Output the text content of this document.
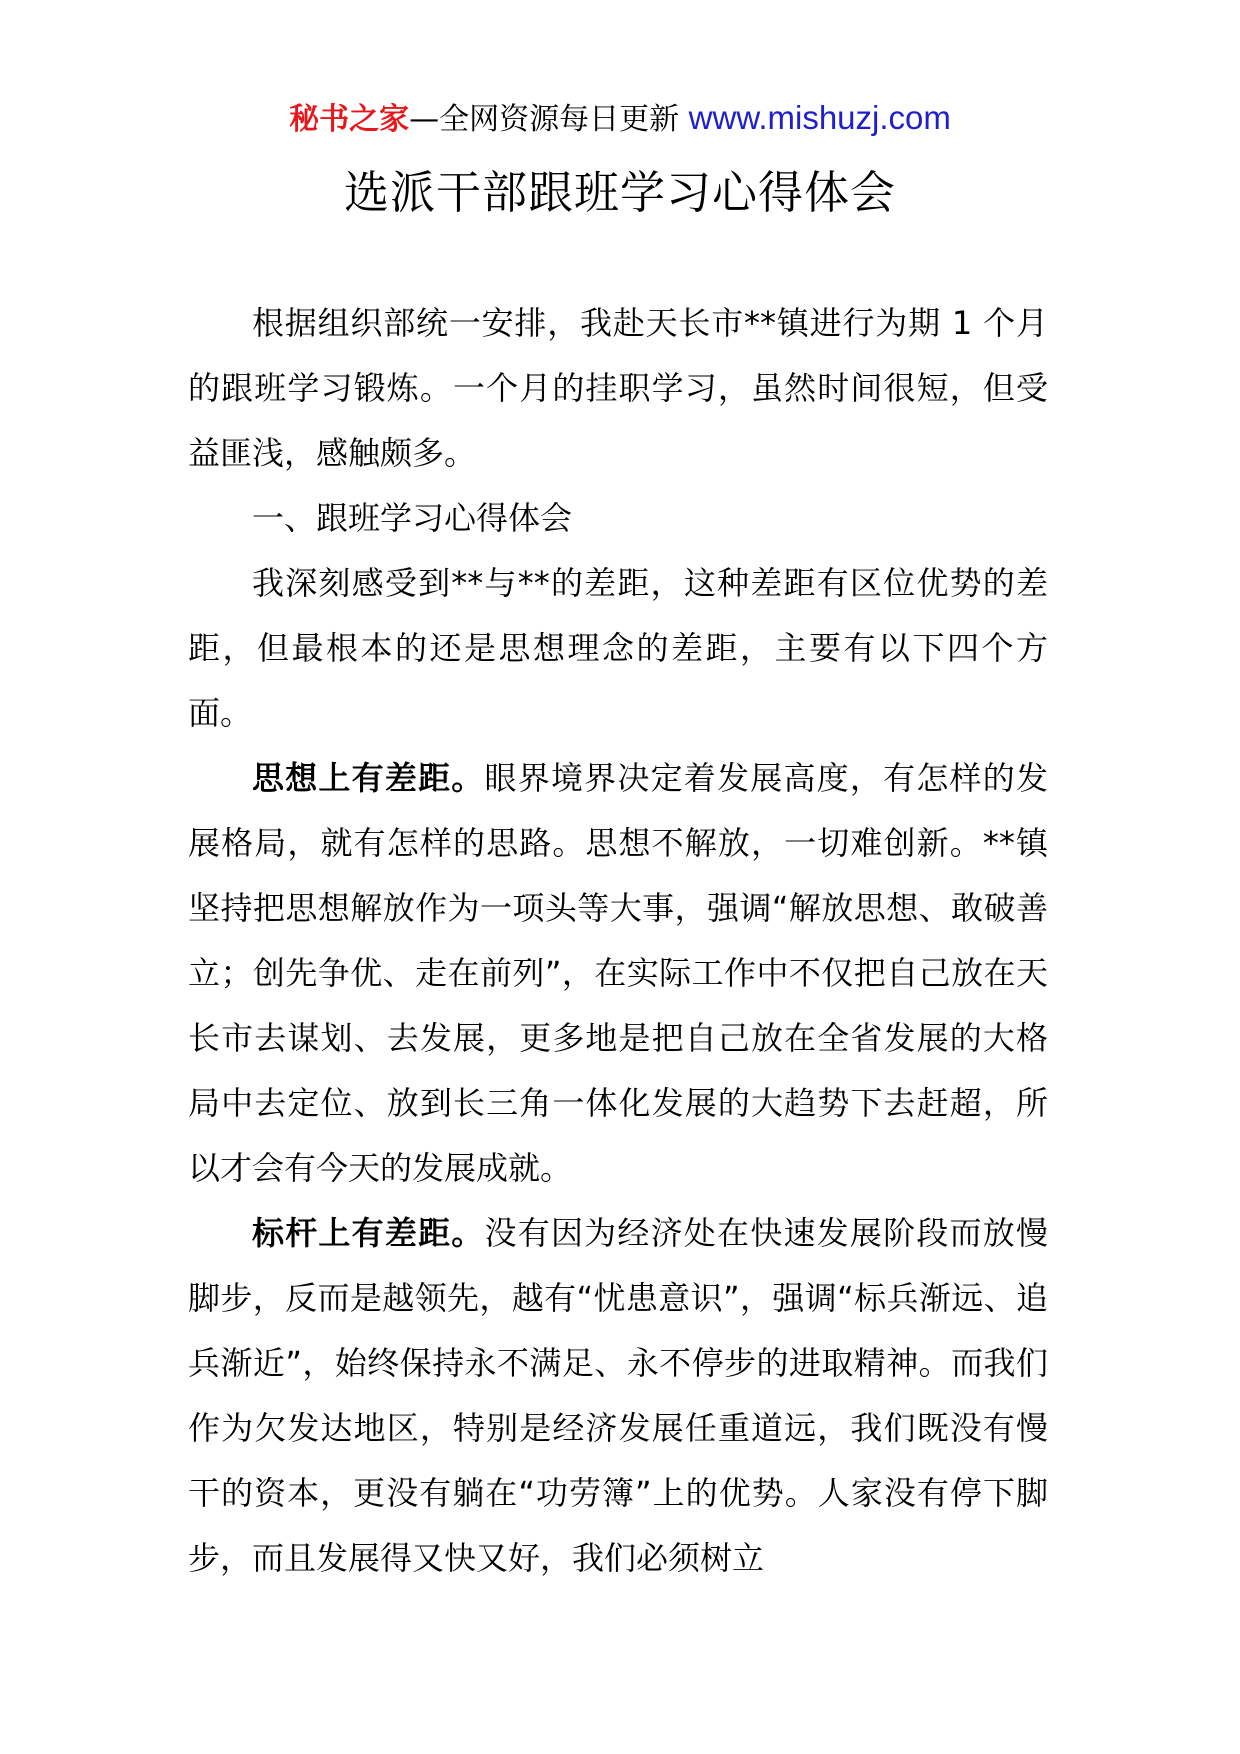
秘书之家—全网资源每日更新 www.mishuzj.com
选派干部跟班学习心得体会

根据组织部统一安排，我赴天长市**镇进行为期 1 个月的跟班学习锻炼。一个月的挂职学习，虽然时间很短，但受益匪浅，感触颇多。

一、跟班学习心得体会

我深刻感受到**与**的差距，这种差距有区位优势的差距，但最根本的还是思想理念的差距，主要有以下四个方面。

思想上有差距。眼界境界决定着发展高度，有怎样的发展格局，就有怎样的思路。思想不解放，一切难创新。**镇坚持把思想解放作为一项头等大事，强调“解放思想、敢破善立；创先争优、走在前列”，在实际工作中不仅把自己放在天长市去谋划、去发展，更多地是把自己放在全省发展的大格局中去定位、放到长三角一体化发展的大趋势下去赶超，所以才会有今天的发展成就。

标杆上有差距。没有因为经济处在快速发展阶段而放慢脚步，反而是越领先，越有“忧患意识”，强调“标兵渐远、追兵渐近”，始终保持永不满足、永不停步的进取精神。而我们作为欠发达地区，特别是经济发展任重道远，我们既没有慢干的资本，更没有躺在“功劳簿”上的优势。人家没有停下脚步，而且发展得又快又好，我们必须树立
